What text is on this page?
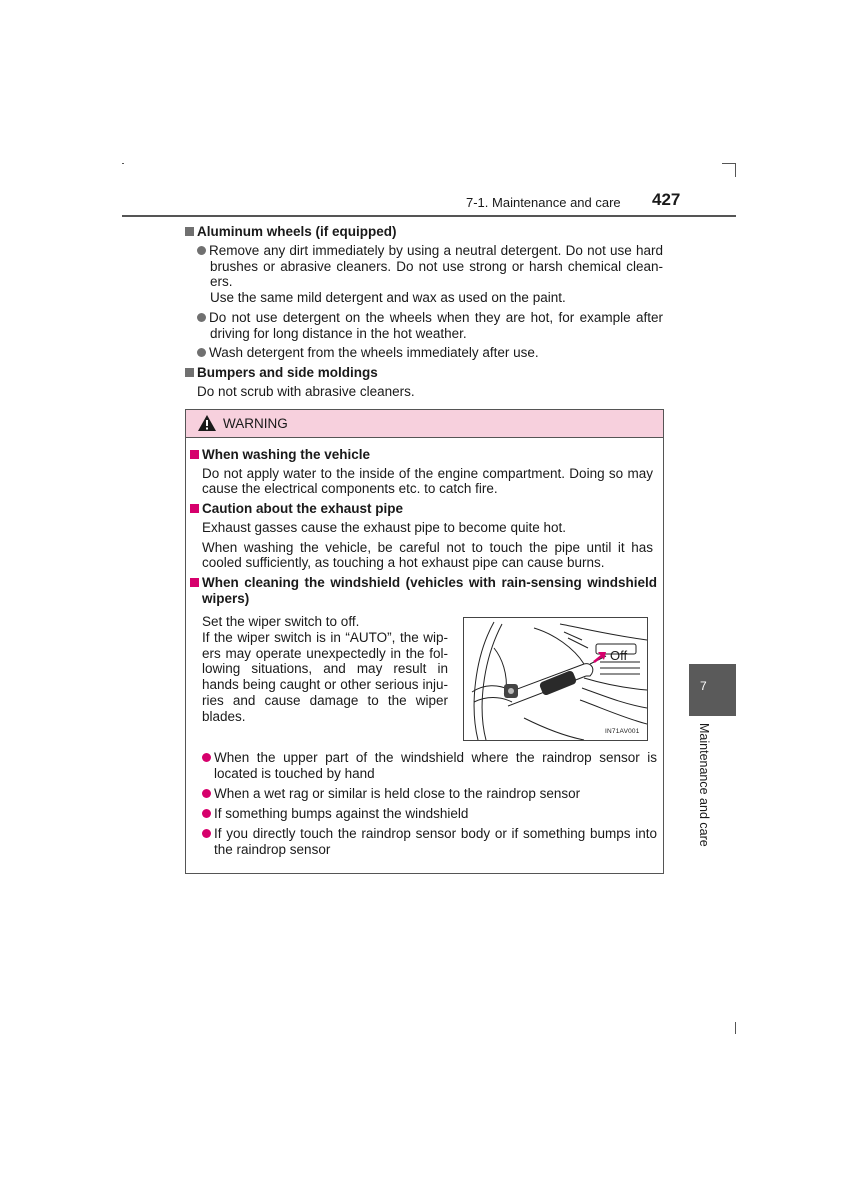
7-1. Maintenance and care 427
Aluminum wheels (if equipped)
Remove any dirt immediately by using a neutral detergent. Do not use hard
brushes or abrasive cleaners. Do not use strong or harsh chemical clean-
ers.
Use the same mild detergent and wax as used on the paint.
Do not use detergent on the wheels when they are hot, for example after
driving for long distance in the hot weather.
Wash detergent from the wheels immediately after use.
Bumpers and side moldings
Do not scrub with abrasive cleaners.
WARNING
When washing the vehicle
Do not apply water to the inside of the engine compartment. Doing so may
cause the electrical components etc. to catch fire.
Caution about the exhaust pipe
Exhaust gasses cause the exhaust pipe to become quite hot.
When washing the vehicle, be careful not to touch the pipe until it has
cooled sufficiently, as touching a hot exhaust pipe can cause burns.
When cleaning the windshield (vehicles with rain-sensing windshield
wipers)
Set the wiper switch to off.
If the wiper switch is in “AUTO”, the wip-
ers may operate unexpectedly in the fol-
lowing situations, and may result in
hands being caught or other serious inju-
ries and cause damage to the wiper
blades.
Off
IN71AV001
When the upper part of the windshield where the raindrop sensor is
located is touched by hand
When a wet rag or similar is held close to the raindrop sensor
If something bumps against the windshield
If you directly touch the raindrop sensor body or if something bumps into
the raindrop sensor
7
Maintenance and care
